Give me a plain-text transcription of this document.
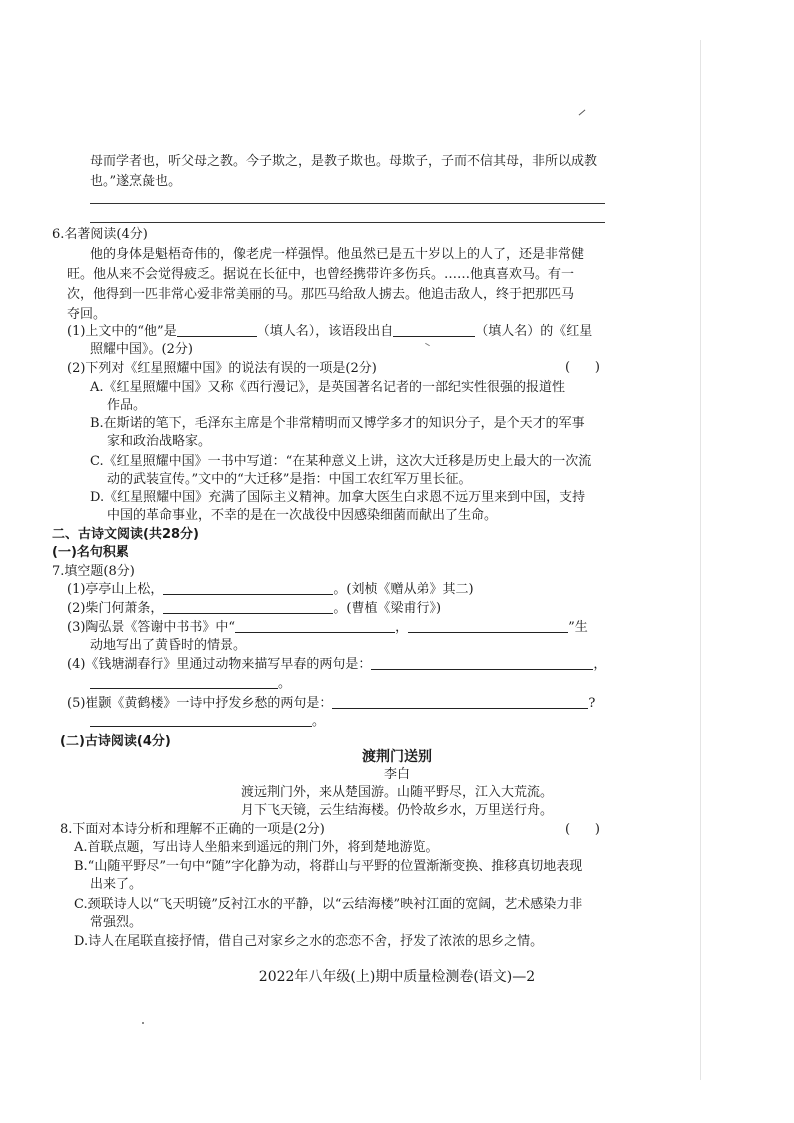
母而学者也，听父母之教。今子欺之，是教子欺也。母欺子，子而不信其母，非所以成教
也。”遂烹彘也。
6.名著阅读(4分)
他的身体是魁梧奇伟的，像老虎一样强悍。他虽然已是五十岁以上的人了，还是非常健
旺。他从来不会觉得疲乏。据说在长征中，也曾经携带许多伤兵。……他真喜欢马。有一
次，他得到一匹非常心爱非常美丽的马。那匹马给敌人掳去。他追击敌人，终于把那匹马
夺回。
(1)上文中的“他”是	（填人名），该语段出自	（填人名）的《红星
照耀中国》。(2分)
(2)下列对《红星照耀中国》的说法有误的一项是(2分)	(      )
A.《红星照耀中国》又称《西行漫记》，是英国著名记者的一部纪实性很强的报道性
作品。
B.在斯诺的笔下，毛泽东主席是个非常精明而又博学多才的知识分子，是个天才的军事
家和政治战略家。
C.《红星照耀中国》一书中写道：“在某种意义上讲，这次大迁移是历史上最大的一次流
动的武装宣传。”文中的“大迁移”是指：中国工农红军万里长征。
D.《红星照耀中国》充满了国际主义精神。加拿大医生白求恩不远万里来到中国，支持
中国的革命事业，不幸的是在一次战役中因感染细菌而献出了生命。
二、古诗文阅读(共28分)
(一)名句积累
7.填空题(8分)
(1)亭亭山上松，	。(刘桢《赠从弟》其二)
(2)柴门何萧条，	。(曹植《梁甫行》)
(3)陶弘景《答谢中书书》中“	，	”生
动地写出了黄昏时的情景。
(4)《钱塘湖春行》里通过动物来描写早春的两句是：	，
。
(5)崔颢《黄鹤楼》一诗中抒发乡愁的两句是：	?
。
(二)古诗阅读(4分)
渡荆门送别
李白
渡远荆门外，来从楚国游。山随平野尽，江入大荒流。
月下飞天镜，云生结海楼。仍怜故乡水，万里送行舟。
8.下面对本诗分析和理解不正确的一项是(2分)	(      )
A.首联点题，写出诗人坐船来到遥远的荆门外，将到楚地游览。
B.“山随平野尽”一句中“随”字化静为动，将群山与平野的位置渐渐变换、推移真切地表现
出来了。
C.颈联诗人以“飞天明镜”反衬江水的平静，以“云结海楼”映衬江面的宽阔，艺术感染力非
常强烈。
D.诗人在尾联直接抒情，借自己对家乡之水的恋恋不舍，抒发了浓浓的思乡之情。
2022年八年级(上)期中质量检测卷(语文)—2
